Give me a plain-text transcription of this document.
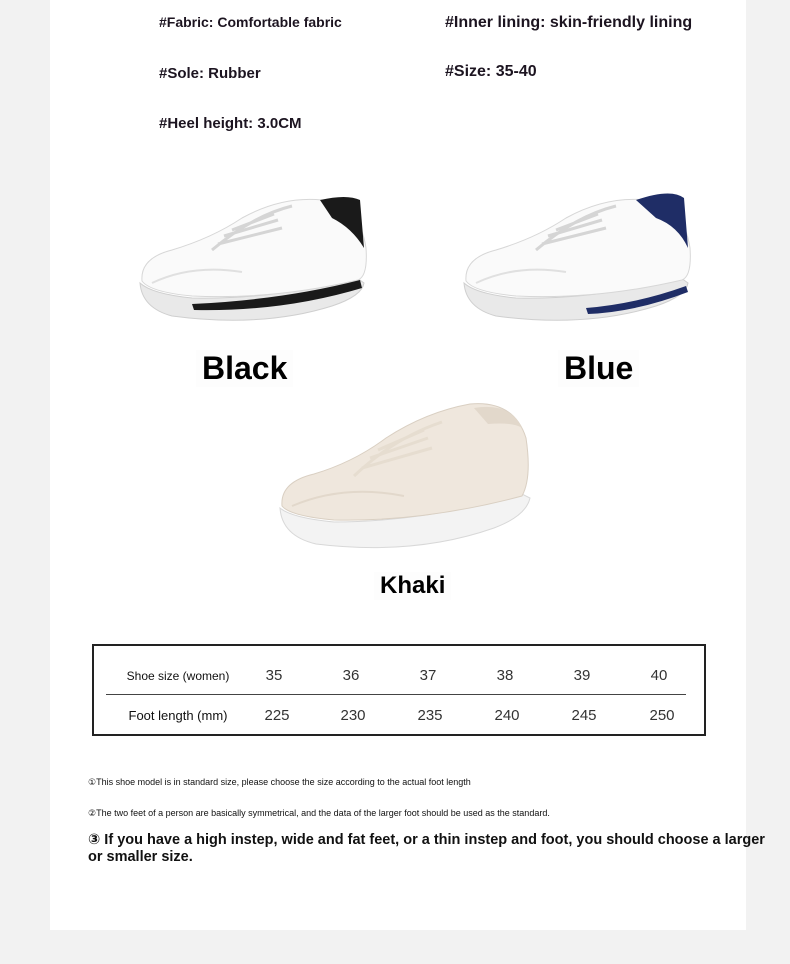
#Fabric: Comfortable fabric	#Inner lining: skin-friendly lining
#Sole: Rubber	#Size: 35-40
#Heel height: 3.0CM
Black	Blue
Khaki
Shoe size (women)	35	36	37	38	39	40
Foot length (mm)	225	230	235	240	245	250
①This shoe model is in standard size, please choose the size according to the actual foot length
②The two feet of a person are basically symmetrical, and the data of the larger foot should be used as the standard.
③ If you have a high instep, wide and fat feet, or a thin instep and foot, you should choose a larger or smaller size.
